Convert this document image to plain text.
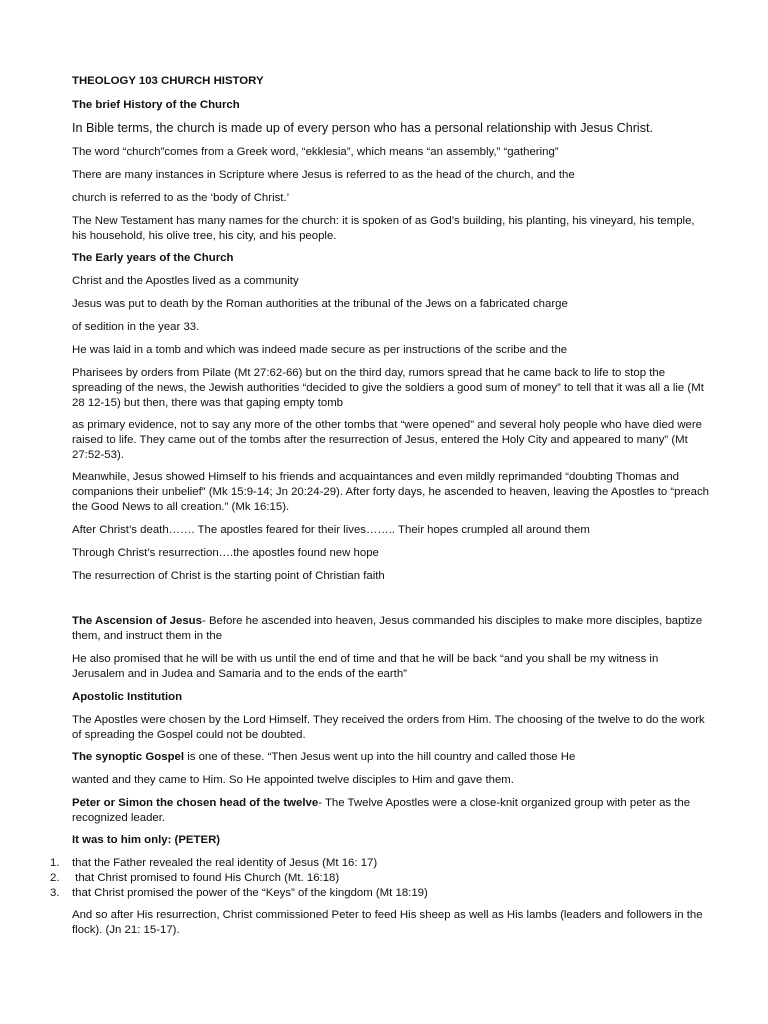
THEOLOGY 103 CHURCH HISTORY
The brief History of the Church
In Bible terms, the church is made up of every person who has a personal relationship with Jesus Christ.
The word “church”comes from a Greek word, “ekklesia”, which means “an assembly,” “gathering”
There are many instances in Scripture where Jesus is referred to as the head of the church, and the
church is referred to as the ‘body of Christ.’
The New Testament has many names for the church: it is spoken of as God’s building, his planting, his vineyard, his temple, his household, his olive tree, his city, and his people.
The Early years of the Church
Christ and the Apostles lived as a community
Jesus was put to death by the Roman authorities at the tribunal of the Jews on a fabricated charge
of sedition in the year 33.
He was laid in a tomb and which was indeed made secure as per instructions of the scribe and the
Pharisees by orders from Pilate (Mt 27:62-66) but on the third day, rumors spread that he came back to life to stop the spreading of the news, the Jewish authorities “decided to give the soldiers a good sum of money” to tell that it was all a lie (Mt 28 12-15) but then, there was that gaping empty tomb
as primary evidence, not to say any more of the other tombs that “were opened” and several holy people who have died were raised to life. They came out of the tombs after the resurrection of Jesus, entered the Holy City and appeared to many” (Mt 27:52-53).
Meanwhile, Jesus showed Himself to his friends and acquaintances and even mildly reprimanded “doubting Thomas and companions their unbelief” (Mk 15:9-14; Jn 20:24-29). After forty days, he ascended to heaven, leaving the Apostles to “preach the Good News to all creation.” (Mk 16:15).
After Christ’s death……. The apostles feared for their lives…….. Their hopes crumpled all around them
Through Christ’s resurrection….the apostles found new hope
The resurrection of Christ is the starting point of Christian faith
The Ascension of Jesus- Before he ascended into heaven, Jesus commanded his disciples to make more disciples, baptize them, and instruct them in the
He also promised that he will be with us until the end of time and that he will be back “and you shall be my witness in Jerusalem and in Judea and Samaria and to the ends of the earth”
Apostolic Institution
The Apostles were chosen by the Lord Himself. They received the orders from Him. The choosing of the twelve to do the work of spreading the Gospel could not be doubted.
The synoptic Gospel is one of these. “Then Jesus went up into the hill country and called those He
wanted and they came to Him. So He appointed twelve disciples to Him and gave them.
Peter or Simon the chosen head of the twelve- The Twelve Apostles were a close-knit organized group with peter as the recognized leader.
It was to him only: (PETER)
1. that the Father revealed the real identity of Jesus (Mt 16: 17)
2. that Christ promised to found His Church (Mt. 16:18)
3. that Christ promised the power of the “Keys” of the kingdom (Mt 18:19)
And so after His resurrection, Christ commissioned Peter to feed His sheep as well as His lambs (leaders and followers in the flock). (Jn 21: 15-17).
